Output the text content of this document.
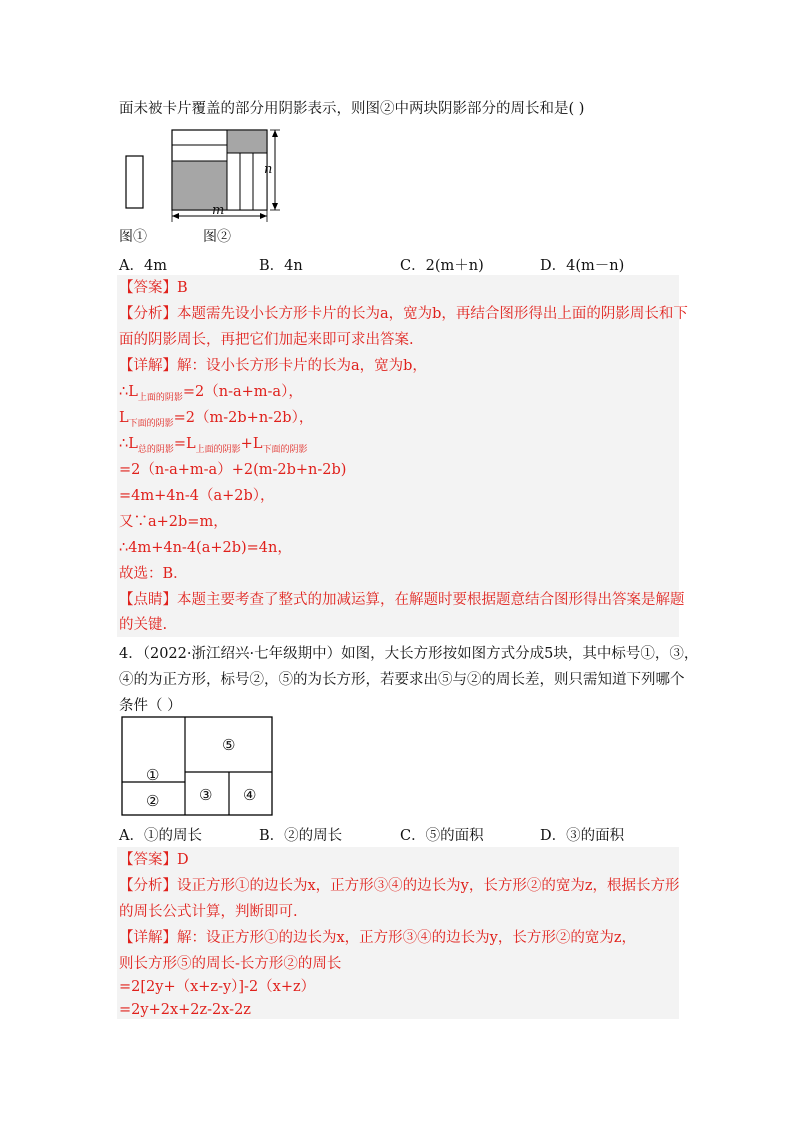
面未被卡片覆盖的部分用阴影表示，则图②中两块阴影部分的周长和是( )
n
m
图①	图②
A．4m	B．4n	C．2(m＋n)	D．4(m－n)
【答案】B
【分析】本题需先设小长方形卡片的长为a，宽为b，再结合图形得出上面的阴影周长和下
面的阴影周长，再把它们加起来即可求出答案.
【详解】解：设小长方形卡片的长为a，宽为b，
$\therefore L_{上面的阴影}=2(n-a+m-a)$，
$L_{下面的阴影}=2(m-2b+n-2b)$，
$\therefore L_{总的阴影}=L_{上面的阴影}+L_{下面的阴影}$
=2（n-a+m-a）+2(m-2b+n-2b)
=4m+4n-4（a+2b），
又∵a+2b=m，
∴4m+4n-4(a+2b)=4n，
故选：B．
【点睛】本题主要考查了整式的加减运算，在解题时要根据题意结合图形得出答案是解题
的关键.
4．（2022·浙江绍兴·七年级期中）如图，大长方形按如图方式分成5块，其中标号①，③，
④的为正方形，标号②，⑤的为长方形，若要求出⑤与②的周长差，则只需知道下列哪个
条件（ ）
①
⑤
③ ④
②
A．①的周长	B．②的周长	C．⑤的面积	D．③的面积
【答案】D
【分析】设正方形①的边长为x，正方形③④的边长为y，长方形②的宽为z，根据长方形
的周长公式计算，判断即可.
【详解】解：设正方形①的边长为x，正方形③④的边长为y，长方形②的宽为z，
则长方形⑤的周长-长方形②的周长
=2[2y+（x+z-y）]-2（x+z）
=2y+2x+2z-2x-2z
